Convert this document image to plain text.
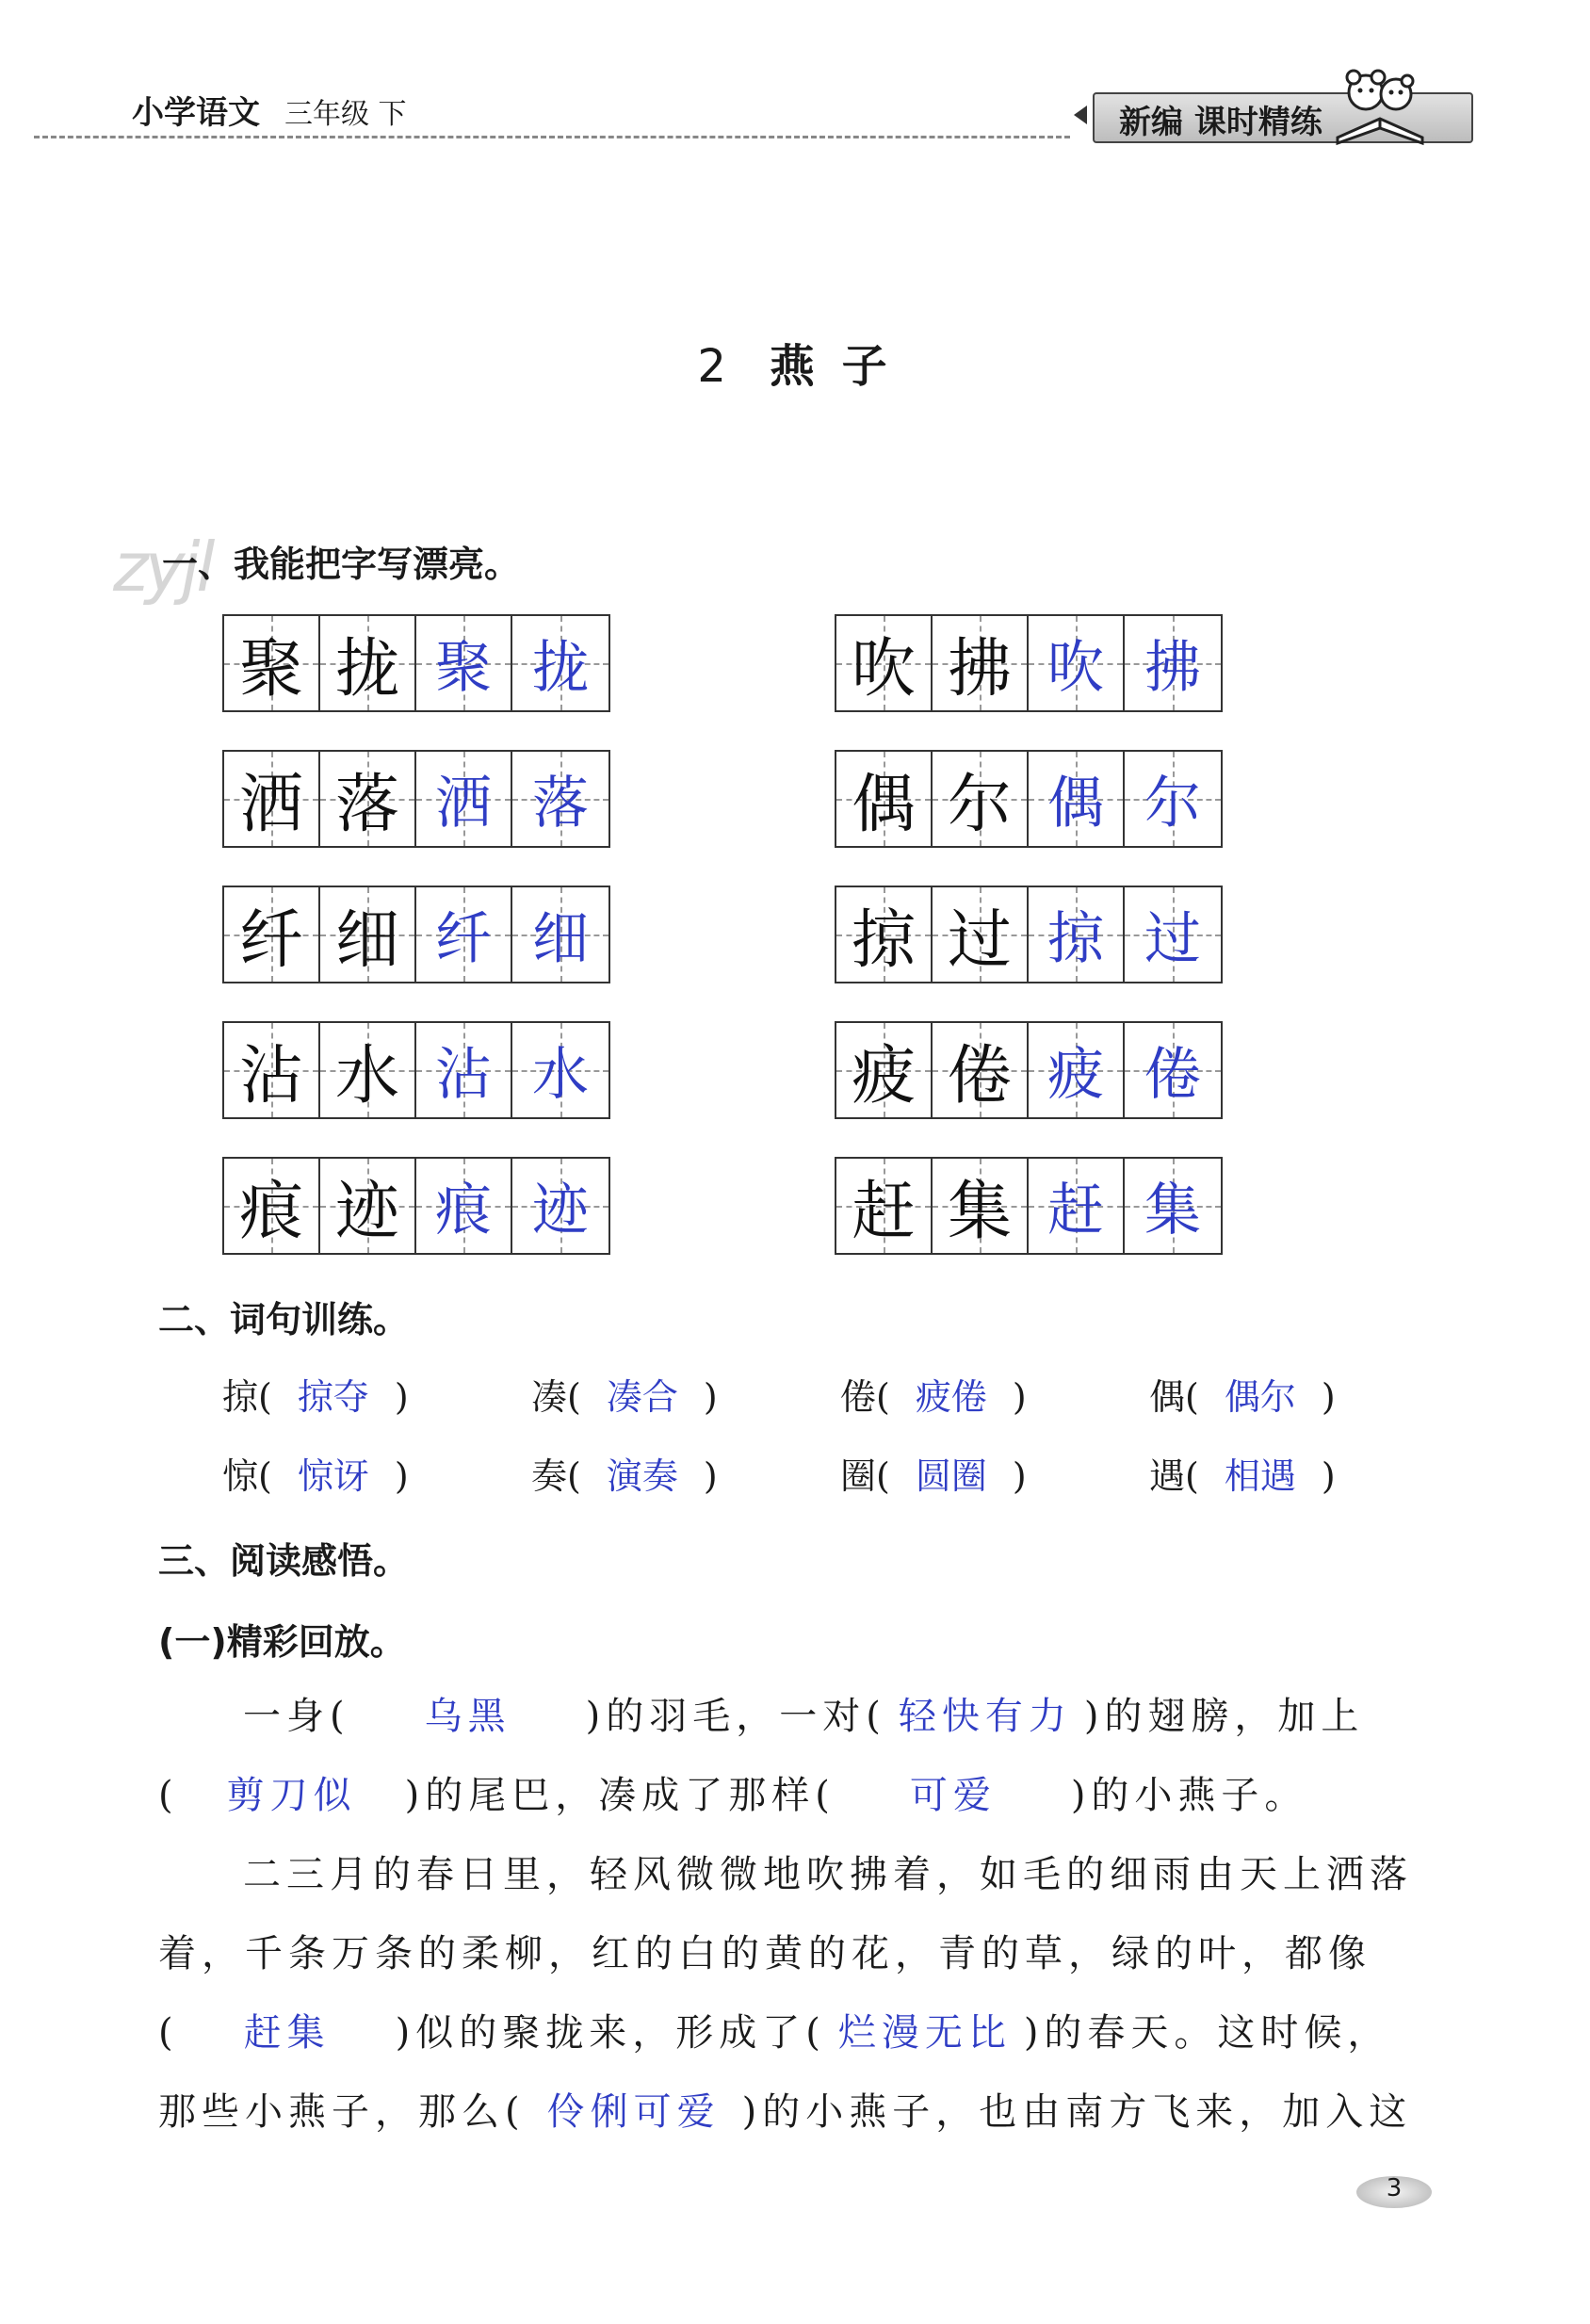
小学语文 三年级 下	新编 课时精练
2 燕 子
zyjl
一、我能把字写漂亮。
聚 拢 聚 拢
洒 落 洒 落
纤 细 纤 细
沾 水 沾 水
痕 迹 痕 迹
吹 拂 吹 拂
偶 尔 偶 尔
掠 过 掠 过
疲 倦 疲 倦
赶 集 赶 集
二、词句训练。
掠( 掠夺 )	凑( 凑合 )	倦( 疲倦 )	偶( 偶尔 )
惊( 惊讶 )	奏( 演奏 )	圈( 圆圈 )	遇( 相遇 )
三、阅读感悟。
(一)精彩回放。
一身( 乌黑 )的羽毛，一对( 轻快有力 )的翅膀，加上
( 剪刀似 )的尾巴，凑成了那样( 可爱 )的小燕子。
二三月的春日里，轻风微微地吹拂着，如毛的细雨由天上洒落
着，千条万条的柔柳，红的白的黄的花，青的草，绿的叶，都像
( 赶集 )似的聚拢来，形成了( 烂漫无比 )的春天。这时候，
那些小燕子，那么( 伶俐可爱 )的小燕子，也由南方飞来，加入这
3
